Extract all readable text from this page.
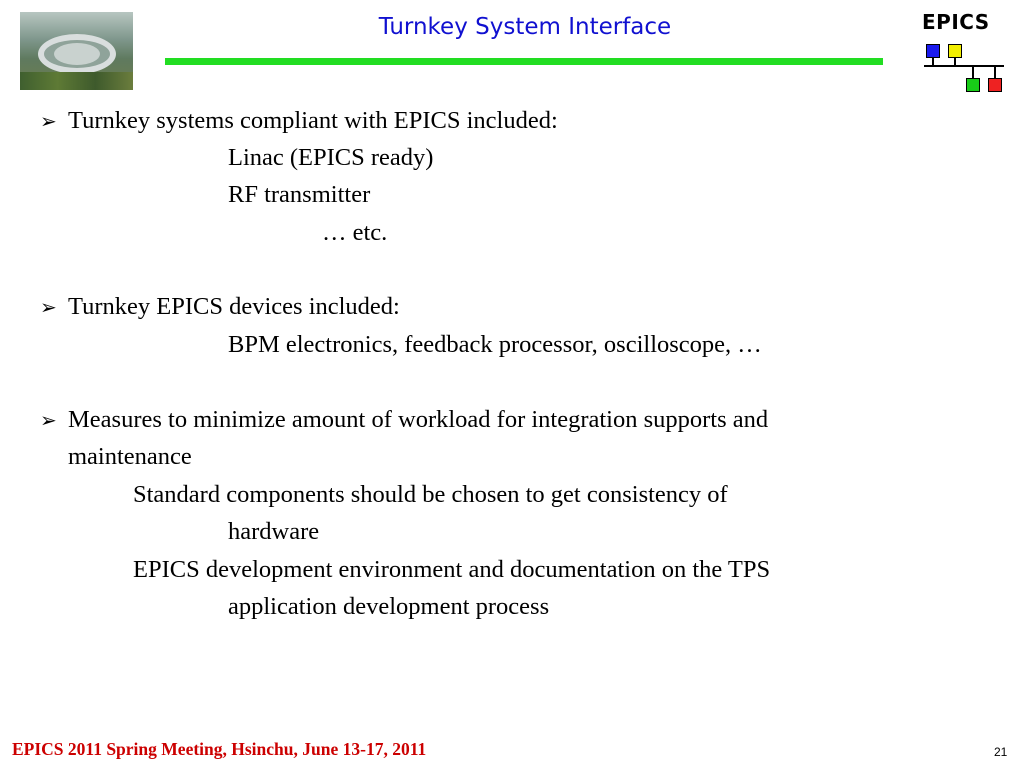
Turnkey System Interface	EPICS
➢ Turnkey systems compliant with EPICS included:
Linac (EPICS ready)
RF transmitter
… etc.
➢ Turnkey EPICS devices included:
BPM electronics, feedback processor, oscilloscope, …
➢ Measures to minimize amount of workload for integration supports and
maintenance
Standard components should be chosen to get consistency of
hardware
EPICS development environment and documentation on the TPS
application development process
EPICS 2011 Spring Meeting, Hsinchu, June 13-17, 2011	21
